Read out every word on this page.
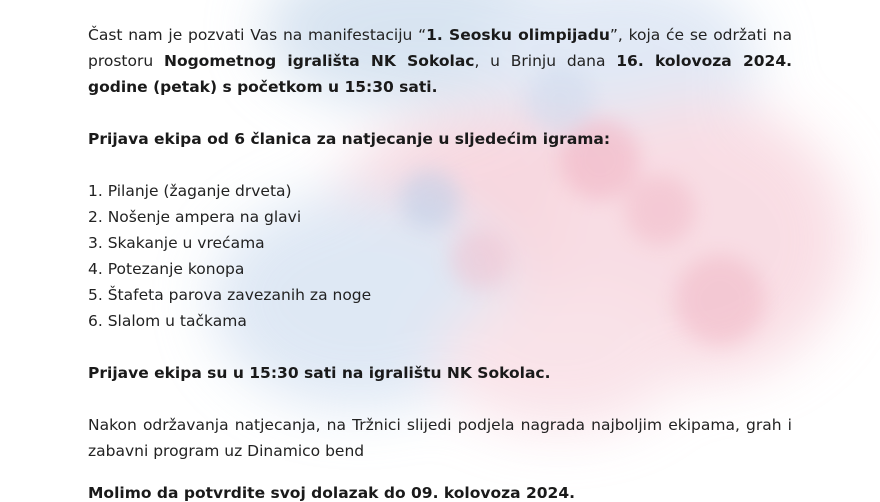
Čast nam je pozvati Vas na manifestaciju “1. Seosku olimpijadu”, koja će se održati na prostoru Nogometnog igrališta NK Sokolac, u Brinju dana 16. kolovoza 2024. godine (petak) s početkom u 15:30 sati.

Prijava ekipa od 6 članica za natjecanje u sljedećim igrama:

1. Pilanje (žaganje drveta)
2. Nošenje ampera na glavi
3. Skakanje u vrećama
4. Potezanje konopa
5. Štafeta parova zavezanih za noge
6. Slalom u tačkama

Prijave ekipa su u 15:30 sati na igralištu NK Sokolac.

Nakon održavanja natjecanja, na Tržnici slijedi podjela nagrada najboljim ekipama, grah i zabavni program uz Dinamico bend

Molimo da potvrdite svoj dolazak do 09. kolovoza 2024.
